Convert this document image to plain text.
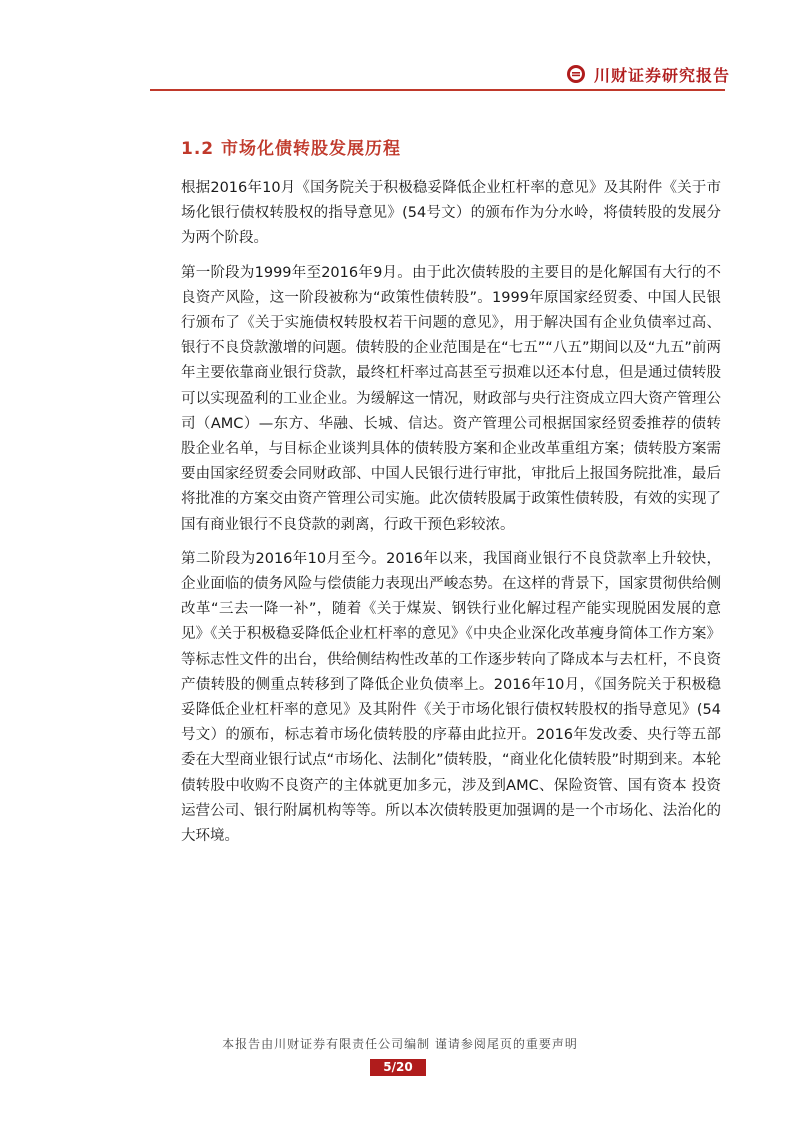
川财证券研究报告
1.2 市场化债转股发展历程

根据2016年10月《国务院关于积极稳妥降低企业杠杆率的意见》及其附件《关于市场化银行债权转股权的指导意见》(54号文）的颁布作为分水岭，将债转股的发展分为两个阶段。

第一阶段为1999年至2016年9月。由于此次债转股的主要目的是化解国有大行的不良资产风险，这一阶段被称为“政策性债转股”。1999年原国家经贸委、中国人民银行颁布了《关于实施债权转股权若干问题的意见》，用于解决国有企业负债率过高、银行不良贷款激增的问题。债转股的企业范围是在“七五”“八五”期间以及“九五”前两年主要依靠商业银行贷款，最终杠杆率过高甚至亏损难以还本付息，但是通过债转股可以实现盈利的工业企业。为缓解这一情况，财政部与央行注资成立四大资产管理公司（AMC）—东方、华融、长城、信达。资产管理公司根据国家经贸委推荐的债转股企业名单，与目标企业谈判具体的债转股方案和企业改革重组方案；债转股方案需要由国家经贸委会同财政部、中国人民银行进行审批，审批后上报国务院批准，最后将批准的方案交由资产管理公司实施。此次债转股属于政策性债转股，有效的实现了国有商业银行不良贷款的剥离，行政干预色彩较浓。

第二阶段为2016年10月至今。2016年以来，我国商业银行不良贷款率上升较快，企业面临的债务风险与偿债能力表现出严峻态势。在这样的背景下，国家贯彻供给侧改革“三去一降一补”，随着《关于煤炭、钢铁行业化解过程产能实现脱困发展的意见》《关于积极稳妥降低企业杠杆率的意见》《中央企业深化改革瘦身简体工作方案》等标志性文件的出台，供给侧结构性改革的工作逐步转向了降成本与去杠杆，不良资产债转股的侧重点转移到了降低企业负债率上。2016年10月，《国务院关于积极稳妥降低企业杠杆率的意见》及其附件《关于市场化银行债权转股权的指导意见》(54号文）的颁布，标志着市场化债转股的序幕由此拉开。2016年发改委、央行等五部委在大型商业银行试点“市场化、法制化”债转股，“商业化化债转股”时期到来。本轮债转股中收购不良资产的主体就更加多元，涉及到AMC、保险资管、国有资本 投资运营公司、银行附属机构等等。所以本次债转股更加强调的是一个市场化、法治化的大环境。

本报告由川财证券有限责任公司编制 谨请参阅尾页的重要声明
5/20
